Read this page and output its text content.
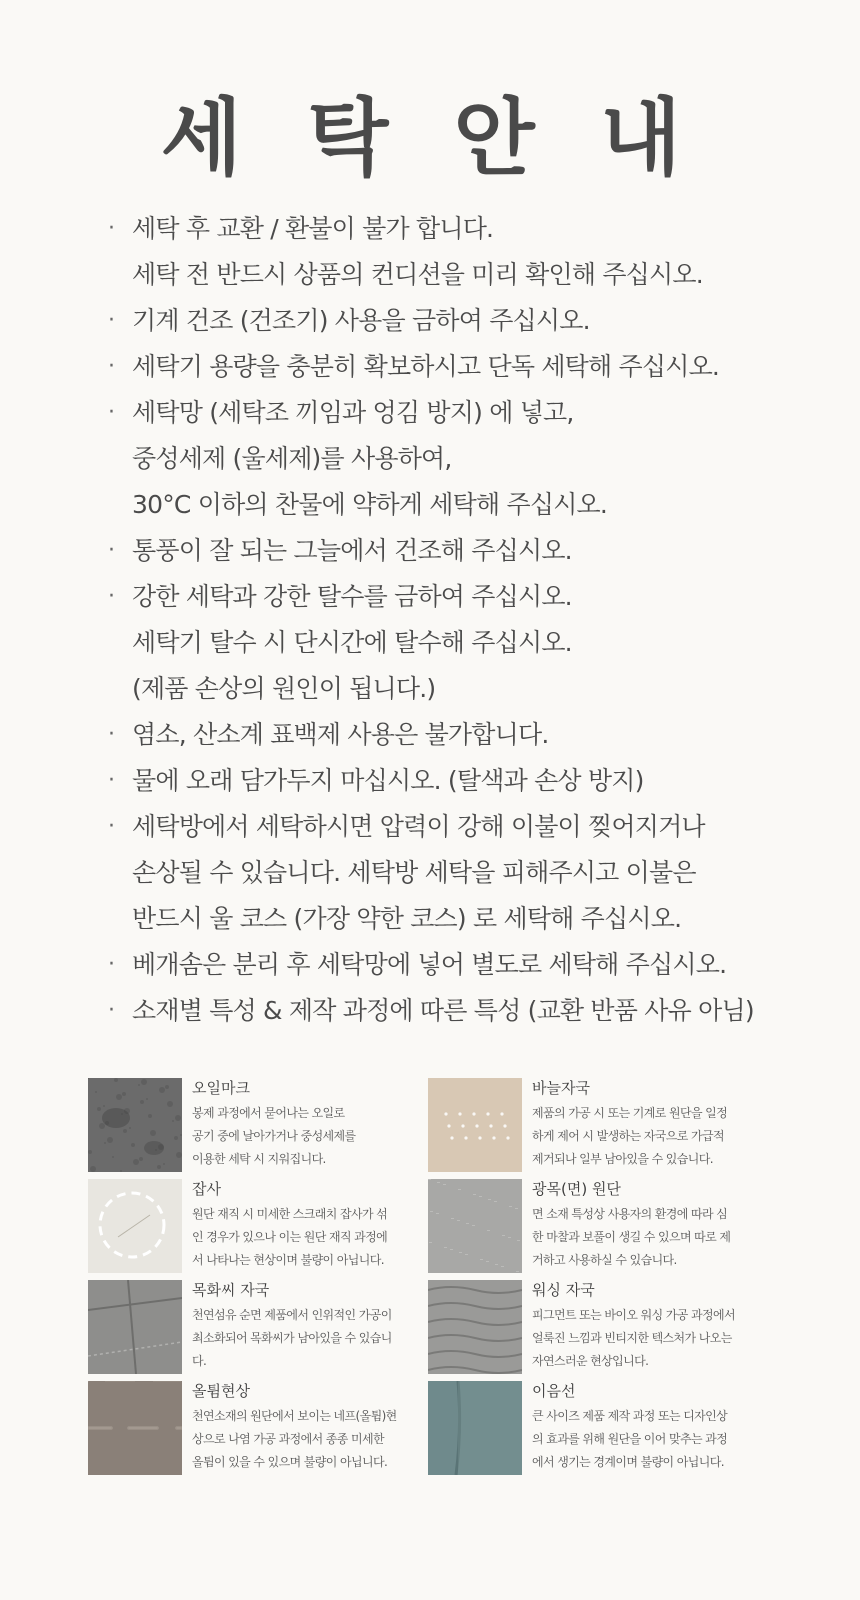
세 탁 안 내
· 세탁 후 교환 / 환불이 불가 합니다.
세탁 전 반드시 상품의 컨디션을 미리 확인해 주십시오.
· 기계 건조 (건조기) 사용을 금하여 주십시오.
· 세탁기 용량을 충분히 확보하시고 단독 세탁해 주십시오.
· 세탁망 (세탁조 끼임과 엉김 방지) 에 넣고,
중성세제 (울세제)를 사용하여,
30°C 이하의 찬물에 약하게 세탁해 주십시오.
· 통풍이 잘 되는 그늘에서 건조해 주십시오.
· 강한 세탁과 강한 탈수를 금하여 주십시오.
세탁기 탈수 시 단시간에 탈수해 주십시오.
(제품 손상의 원인이 됩니다.)
· 염소, 산소계 표백제 사용은 불가합니다.
· 물에 오래 담가두지 마십시오. (탈색과 손상 방지)
· 세탁방에서 세탁하시면 압력이 강해 이불이 찢어지거나
손상될 수 있습니다. 세탁방 세탁을 피해주시고 이불은
반드시 울 코스 (가장 약한 코스) 로 세탁해 주십시오.
· 베개솜은 분리 후 세탁망에 넣어 별도로 세탁해 주십시오.
· 소재별 특성 & 제작 과정에 따른 특성 (교환 반품 사유 아님)
오일마크
봉제 과정에서 묻어나는 오일로
공기 중에 날아가거나 중성세제를
이용한 세탁 시 지워집니다.
바늘자국
제품의 가공 시 또는 기계로 원단을 일정
하게 제어 시 발생하는 자국으로 가급적
제거되나 일부 남아있을 수 있습니다.
잡사
원단 재직 시 미세한 스크래치 잡사가 섞
인 경우가 있으나 이는 원단 재직 과정에
서 나타나는 현상이며 불량이 아닙니다.
광목(면) 원단
면 소재 특성상 사용자의 환경에 따라 심
한 마찰과 보풀이 생길 수 있으며 따로 제
거하고 사용하실 수 있습니다.
목화씨 자국
천연섬유 순면 제품에서 인위적인 가공이
최소화되어 목화씨가 남아있을 수 있습니
다.
워싱 자국
피그먼트 또는 바이오 워싱 가공 과정에서
얼룩진 느낌과 빈티지한 텍스처가 나오는
자연스러운 현상입니다.
올튐현상
천연소재의 원단에서 보이는 네프(올튐)현
상으로 나염 가공 과정에서 종종 미세한
올튐이 있을 수 있으며 불량이 아닙니다.
이음선
큰 사이즈 제품 제작 과정 또는 디자인상
의 효과를 위해 원단을 이어 맞추는 과정
에서 생기는 경계이며 불량이 아닙니다.
